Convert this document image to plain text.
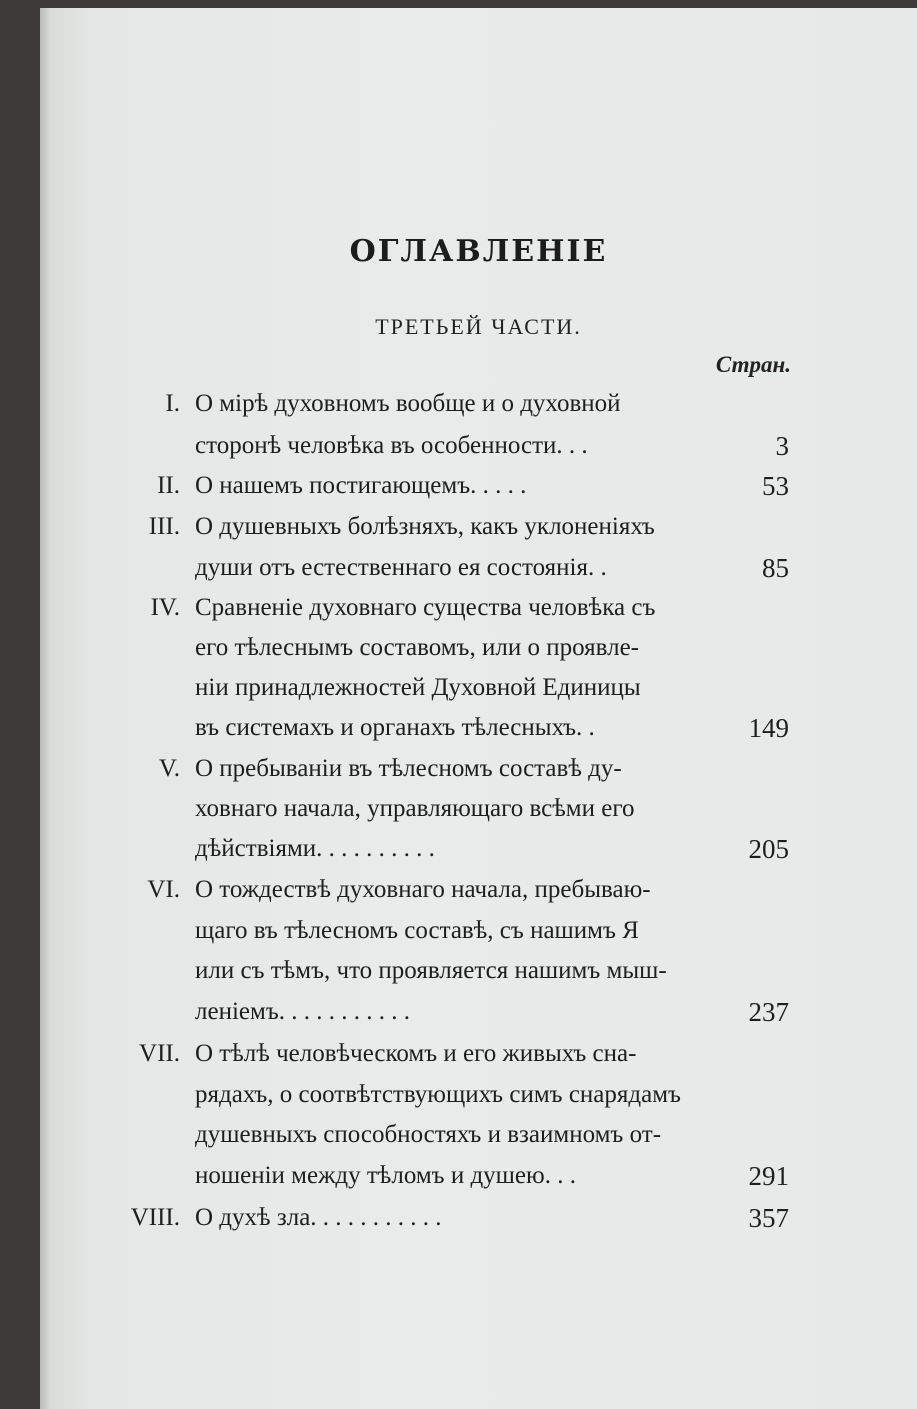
ОГЛАВЛЕНІЕ
ТРЕТЬЕЙ ЧАСТИ.
Стран.
I. О мірѣ духовномъ вообще и о духовной
сторонѣ человѣка въ особенности. . .	3
II. О нашемъ постигающемъ. . . . .	53
III. О душевныхъ болѣзняхъ, какъ уклоненіяхъ
души отъ естественнаго ея состоянія. .	85
IV. Сравненіе духовнаго существа человѣка съ
его тѣлеснымъ составомъ, или о проявле-
ніи принадлежностей Духовной Единицы
въ системахъ и органахъ тѣлесныхъ. .	149
V. О пребываніи въ тѣлесномъ составѣ ду-
ховнаго начала, управляющаго всѣми его
дѣйствіями. . . . . . . . . .	205
VI. О тождествѣ духовнаго начала, пребываю-
щаго въ тѣлесномъ составѣ, съ нашимъ Я
или съ тѣмъ, что проявляется нашимъ мыш-
леніемъ. . . . . . . . . . .	237
VII. О тѣлѣ человѣческомъ и его живыхъ сна-
рядахъ, о соотвѣтствующихъ симъ снарядамъ
душевныхъ способностяхъ и взаимномъ от-
ношеніи между тѣломъ и душею. . .	291
VIII. О духѣ зла. . . . . . . . . . .	357
